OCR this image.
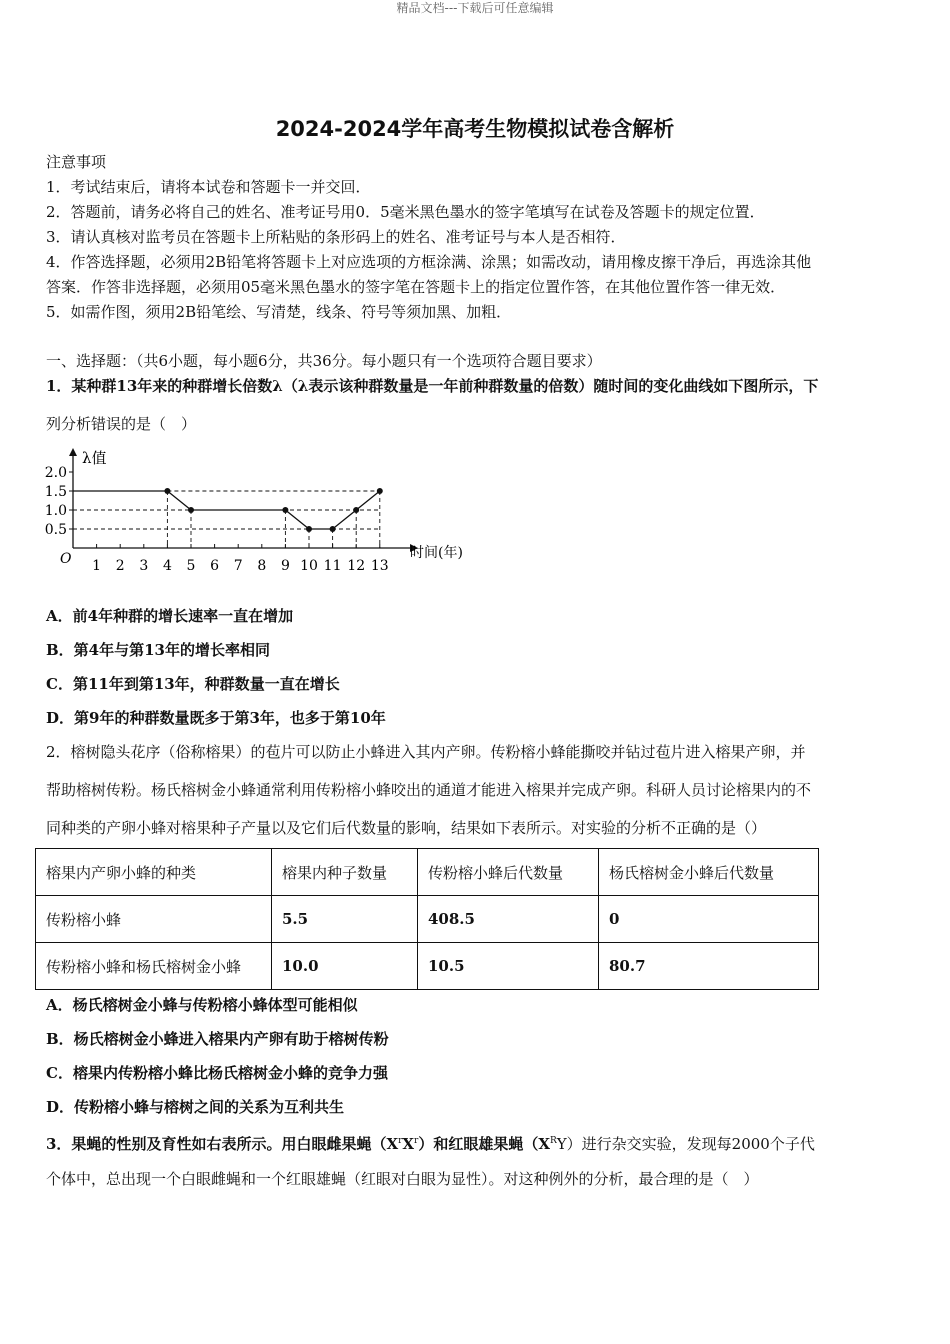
精品文档---下载后可任意编辑
2024-2024学年高考生物模拟试卷含解析
注意事项
1．考试结束后，请将本试卷和答题卡一并交回．
2．答题前，请务必将自己的姓名、准考证号用0．5毫米黑色墨水的签字笔填写在试卷及答题卡的规定位置．
3．请认真核对监考员在答题卡上所粘贴的条形码上的姓名、准考证号与本人是否相符．
4．作答选择题，必须用2B铅笔将答题卡上对应选项的方框涂满、涂黑；如需改动，请用橡皮擦干净后，再选涂其他
答案．作答非选择题，必须用05毫米黑色墨水的签字笔在答题卡上的指定位置作答，在其他位置作答一律无效．
5．如需作图，须用2B铅笔绘、写清楚，线条、符号等须加黑、加粗．
一、选择题：（共6小题，每小题6分，共36分。每小题只有一个选项符合题目要求）
1．某种群13年来的种群增长倍数λ（λ表示该种群数量是一年前种群数量的倍数）随时间的变化曲线如下图所示，下
列分析错误的是（　）
λ值
时间(年)
O
0.5
1.0
1.5
2.0
1 2 3 4 5 6 7 8 9 10 11 12 13
A．前4年种群的增长速率一直在增加
B．第4年与第13年的增长率相同
C．第11年到第13年，种群数量一直在增长
D．第9年的种群数量既多于第3年，也多于第10年
2．榕树隐头花序（俗称榕果）的苞片可以防止小蜂进入其内产卵。传粉榕小蜂能撕咬并钻过苞片进入榕果产卵，并
帮助榕树传粉。杨氏榕树金小蜂通常利用传粉榕小蜂咬出的通道才能进入榕果并完成产卵。科研人员讨论榕果内的不
同种类的产卵小蜂对榕果种子产量以及它们后代数量的影响，结果如下表所示。对实验的分析不正确的是（）
榕果内产卵小蜂的种类	榕果内种子数量	传粉榕小蜂后代数量	杨氏榕树金小蜂后代数量
传粉榕小蜂	5.5	408.5	0
传粉榕小蜂和杨氏榕树金小蜂	10.0	10.5	80.7
A．杨氏榕树金小蜂与传粉榕小蜂体型可能相似
B．杨氏榕树金小蜂进入榕果内产卵有助于榕树传粉
C．榕果内传粉榕小蜂比杨氏榕树金小蜂的竞争力强
D．传粉榕小蜂与榕树之间的关系为互利共生
3．果蝇的性别及育性如右表所示。用白眼雌果蝇$(X^rX^r)$和红眼雄果蝇$(X^RY)$进行杂交实验，发现每2000个子代
个体中，总出现一个白眼雌蝇和一个红眼雄蝇（红眼对白眼为显性）。对这种例外的分析，最合理的是（　）
